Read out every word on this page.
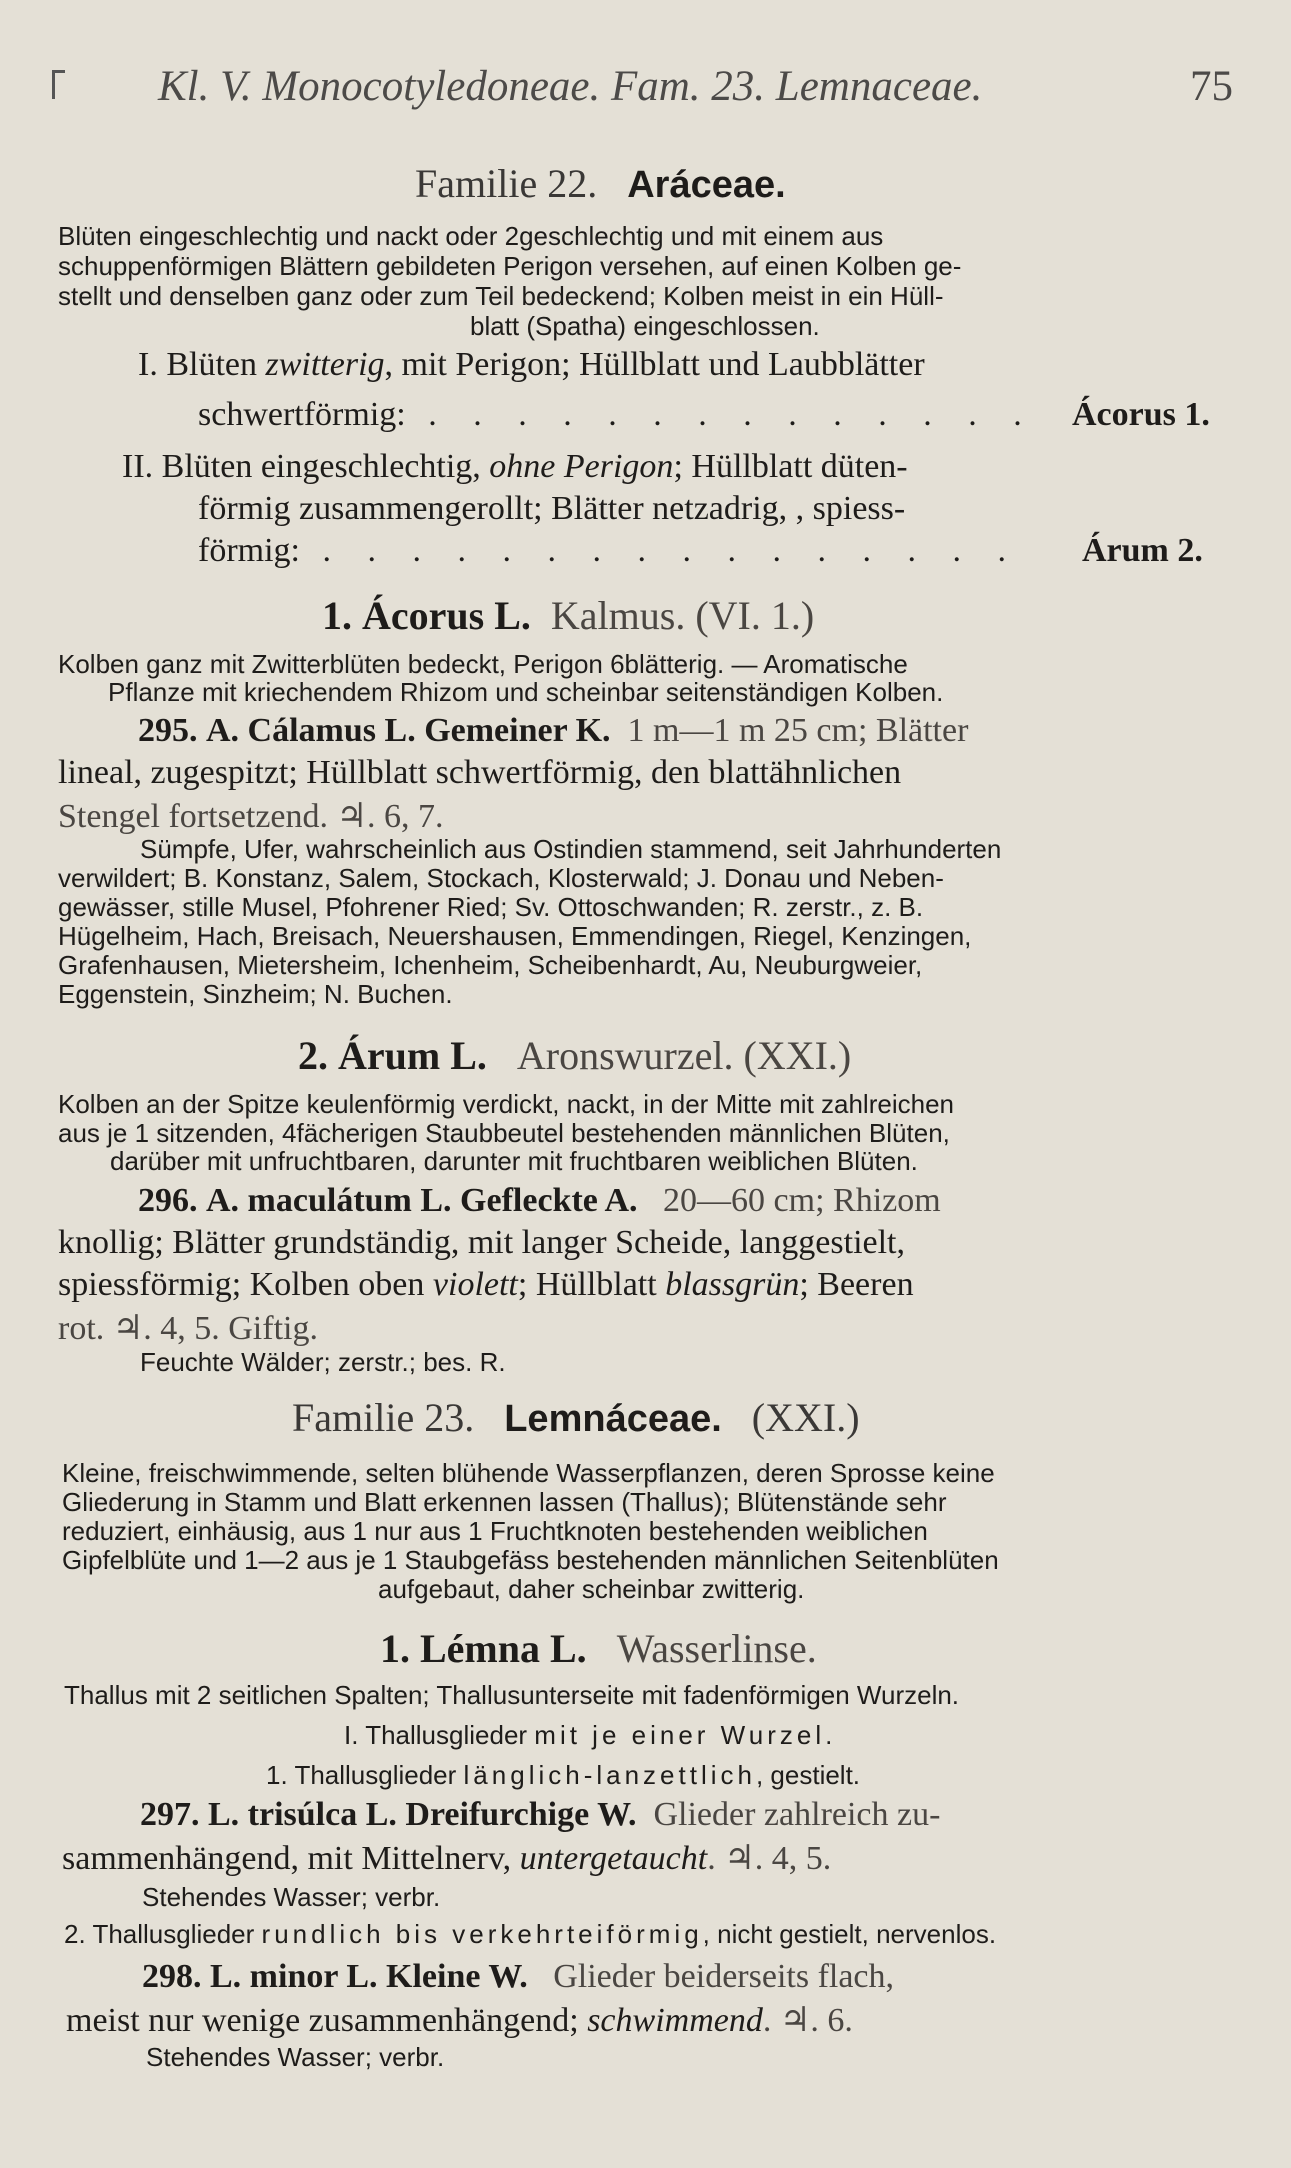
Kl. V. Monocotyledoneae. Fam. 23. Lemnaceae.	75
Familie 22. Aráceae.
Blüten eingeschlechtig und nackt oder 2geschlechtig und mit einem aus
schuppenförmigen Blättern gebildeten Perigon versehen, auf einen Kolben ge-
stellt und denselben ganz oder zum Teil bedeckend; Kolben meist in ein Hüll-
blatt (Spatha) eingeschlossen.
I. Blüten zwitterig, mit Perigon; Hüllblatt und Laubblätter
schwertförmig: . . . . . . . . . . . . . . Ácorus 1.
II. Blüten eingeschlechtig, ohne Perigon; Hüllblatt düten-
förmig zusammengerollt; Blätter netzadrig, , spiess-
förmig: . . . . . . . . . . . . . . . . Árum 2.
1. Ácorus L. Kalmus. (VI. 1.)
Kolben ganz mit Zwitterblüten bedeckt, Perigon 6blätterig. — Aromatische
Pflanze mit kriechendem Rhizom und scheinbar seitenständigen Kolben.
295. A. Cálamus L. Gemeiner K. 1 m—1 m 25 cm; Blätter
lineal, zugespitzt; Hüllblatt schwertförmig, den blattähnlichen
Stengel fortsetzend. ♃. 6, 7.
Sümpfe, Ufer, wahrscheinlich aus Ostindien stammend, seit Jahrhunderten
verwildert; B. Konstanz, Salem, Stockach, Klosterwald; J. Donau und Neben-
gewässer, stille Musel, Pfohrener Ried; Sv. Ottoschwanden; R. zerstr., z. B.
Hügelheim, Hach, Breisach, Neuershausen, Emmendingen, Riegel, Kenzingen,
Grafenhausen, Mietersheim, Ichenheim, Scheibenhardt, Au, Neuburgweier,
Eggenstein, Sinzheim; N. Buchen.
2. Árum L. Aronswurzel. (XXI.)
Kolben an der Spitze keulenförmig verdickt, nackt, in der Mitte mit zahlreichen
aus je 1 sitzenden, 4fächerigen Staubbeutel bestehenden männlichen Blüten,
darüber mit unfruchtbaren, darunter mit fruchtbaren weiblichen Blüten.
296. A. maculátum L. Gefleckte A. 20—60 cm; Rhizom
knollig; Blätter grundständig, mit langer Scheide, langgestielt,
spiessförmig; Kolben oben violett; Hüllblatt blassgrün; Beeren
rot. ♃. 4, 5. Giftig.
Feuchte Wälder; zerstr.; bes. R.
Familie 23. Lemnáceae. (XXI.)
Kleine, freischwimmende, selten blühende Wasserpflanzen, deren Sprosse keine
Gliederung in Stamm und Blatt erkennen lassen (Thallus); Blütenstände sehr
reduziert, einhäusig, aus 1 nur aus 1 Fruchtknoten bestehenden weiblichen
Gipfelblüte und 1—2 aus je 1 Staubgefäss bestehenden männlichen Seitenblüten
aufgebaut, daher scheinbar zwitterig.
1. Lémna L. Wasserlinse.
Thallus mit 2 seitlichen Spalten; Thallusunterseite mit fadenförmigen Wurzeln.
I. Thallusglieder mit je einer Wurzel.
1. Thallusglieder länglich-lanzettlich, gestielt.
297. L. trisúlca L. Dreifurchige W. Glieder zahlreich zu-
sammenhängend, mit Mittelnerv, untergetaucht. ♃. 4, 5.
Stehendes Wasser; verbr.
2. Thallusglieder rundlich bis verkehrteiförmig, nicht gestielt, nervenlos.
298. L. minor L. Kleine W. Glieder beiderseits flach,
meist nur wenige zusammenhängend; schwimmend. ♃. 6.
Stehendes Wasser; verbr.
